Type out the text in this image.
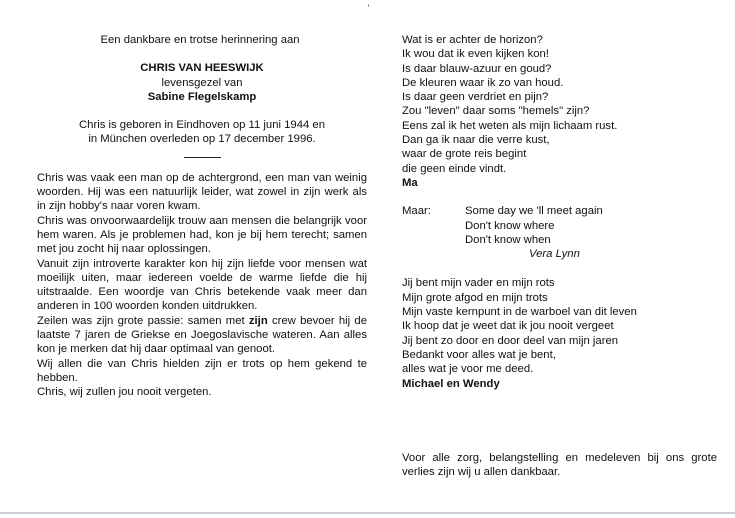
Een dankbare en trotse herinnering aan

CHRIS VAN HEESWIJK

levensgezel van

Sabine Flegelskamp

Chris is geboren in Eindhoven op 11 juni 1944 en

in München overleden op 17 december 1996.

Chris was vaak een man op de achtergrond, een man van weinig woorden. Hij was een natuurlijk leider, wat zowel in zijn werk als in zijn hobby's naar voren kwam.

Chris was onvoorwaardelijk trouw aan mensen die belangrijk voor hem waren. Als je problemen had, kon je bij hem terecht; samen met jou zocht hij naar oplossingen.

Vanuit zijn introverte karakter kon hij zijn liefde voor mensen wat moeilijk uiten, maar iedereen voelde de warme liefde die hij uitstraalde. Een woordje van Chris betekende vaak meer dan anderen in 100 woorden konden uitdrukken.

Zeilen was zijn grote passie: samen met zijn crew bevoer hij de laatste 7 jaren de Griekse en Joegoslavische wateren. Aan alles kon je merken dat hij daar optimaal van genoot.

Wij allen die van Chris hielden zijn er trots op hem gekend te hebben.

Chris, wij zullen jou nooit vergeten.

Wat is er achter de horizon?

Ik wou dat ik even kijken kon!

Is daar blauw-azuur en goud?

De kleuren waar ik zo van houd.

Is daar geen verdriet en pijn?

Zou "leven" daar soms "hemels" zijn?

Eens zal ik het weten als mijn lichaam rust.

Dan ga ik naar die verre kust,

waar de grote reis begint

die geen einde vindt.

Ma

Maar:	Some day we 'll meet again

Don't know where

Don't know when

Vera Lynn

Jij bent mijn vader en mijn rots

Mijn grote afgod en mijn trots

Mijn vaste kernpunt in de warboel van dit leven

Ik hoop dat je weet dat ik jou nooit vergeet

Jij bent zo door en door deel van mijn jaren

Bedankt voor alles wat je bent,

alles wat je voor me deed.

Michael en Wendy

Voor alle zorg, belangstelling en medeleven bij ons grote verlies zijn wij u allen dankbaar.
